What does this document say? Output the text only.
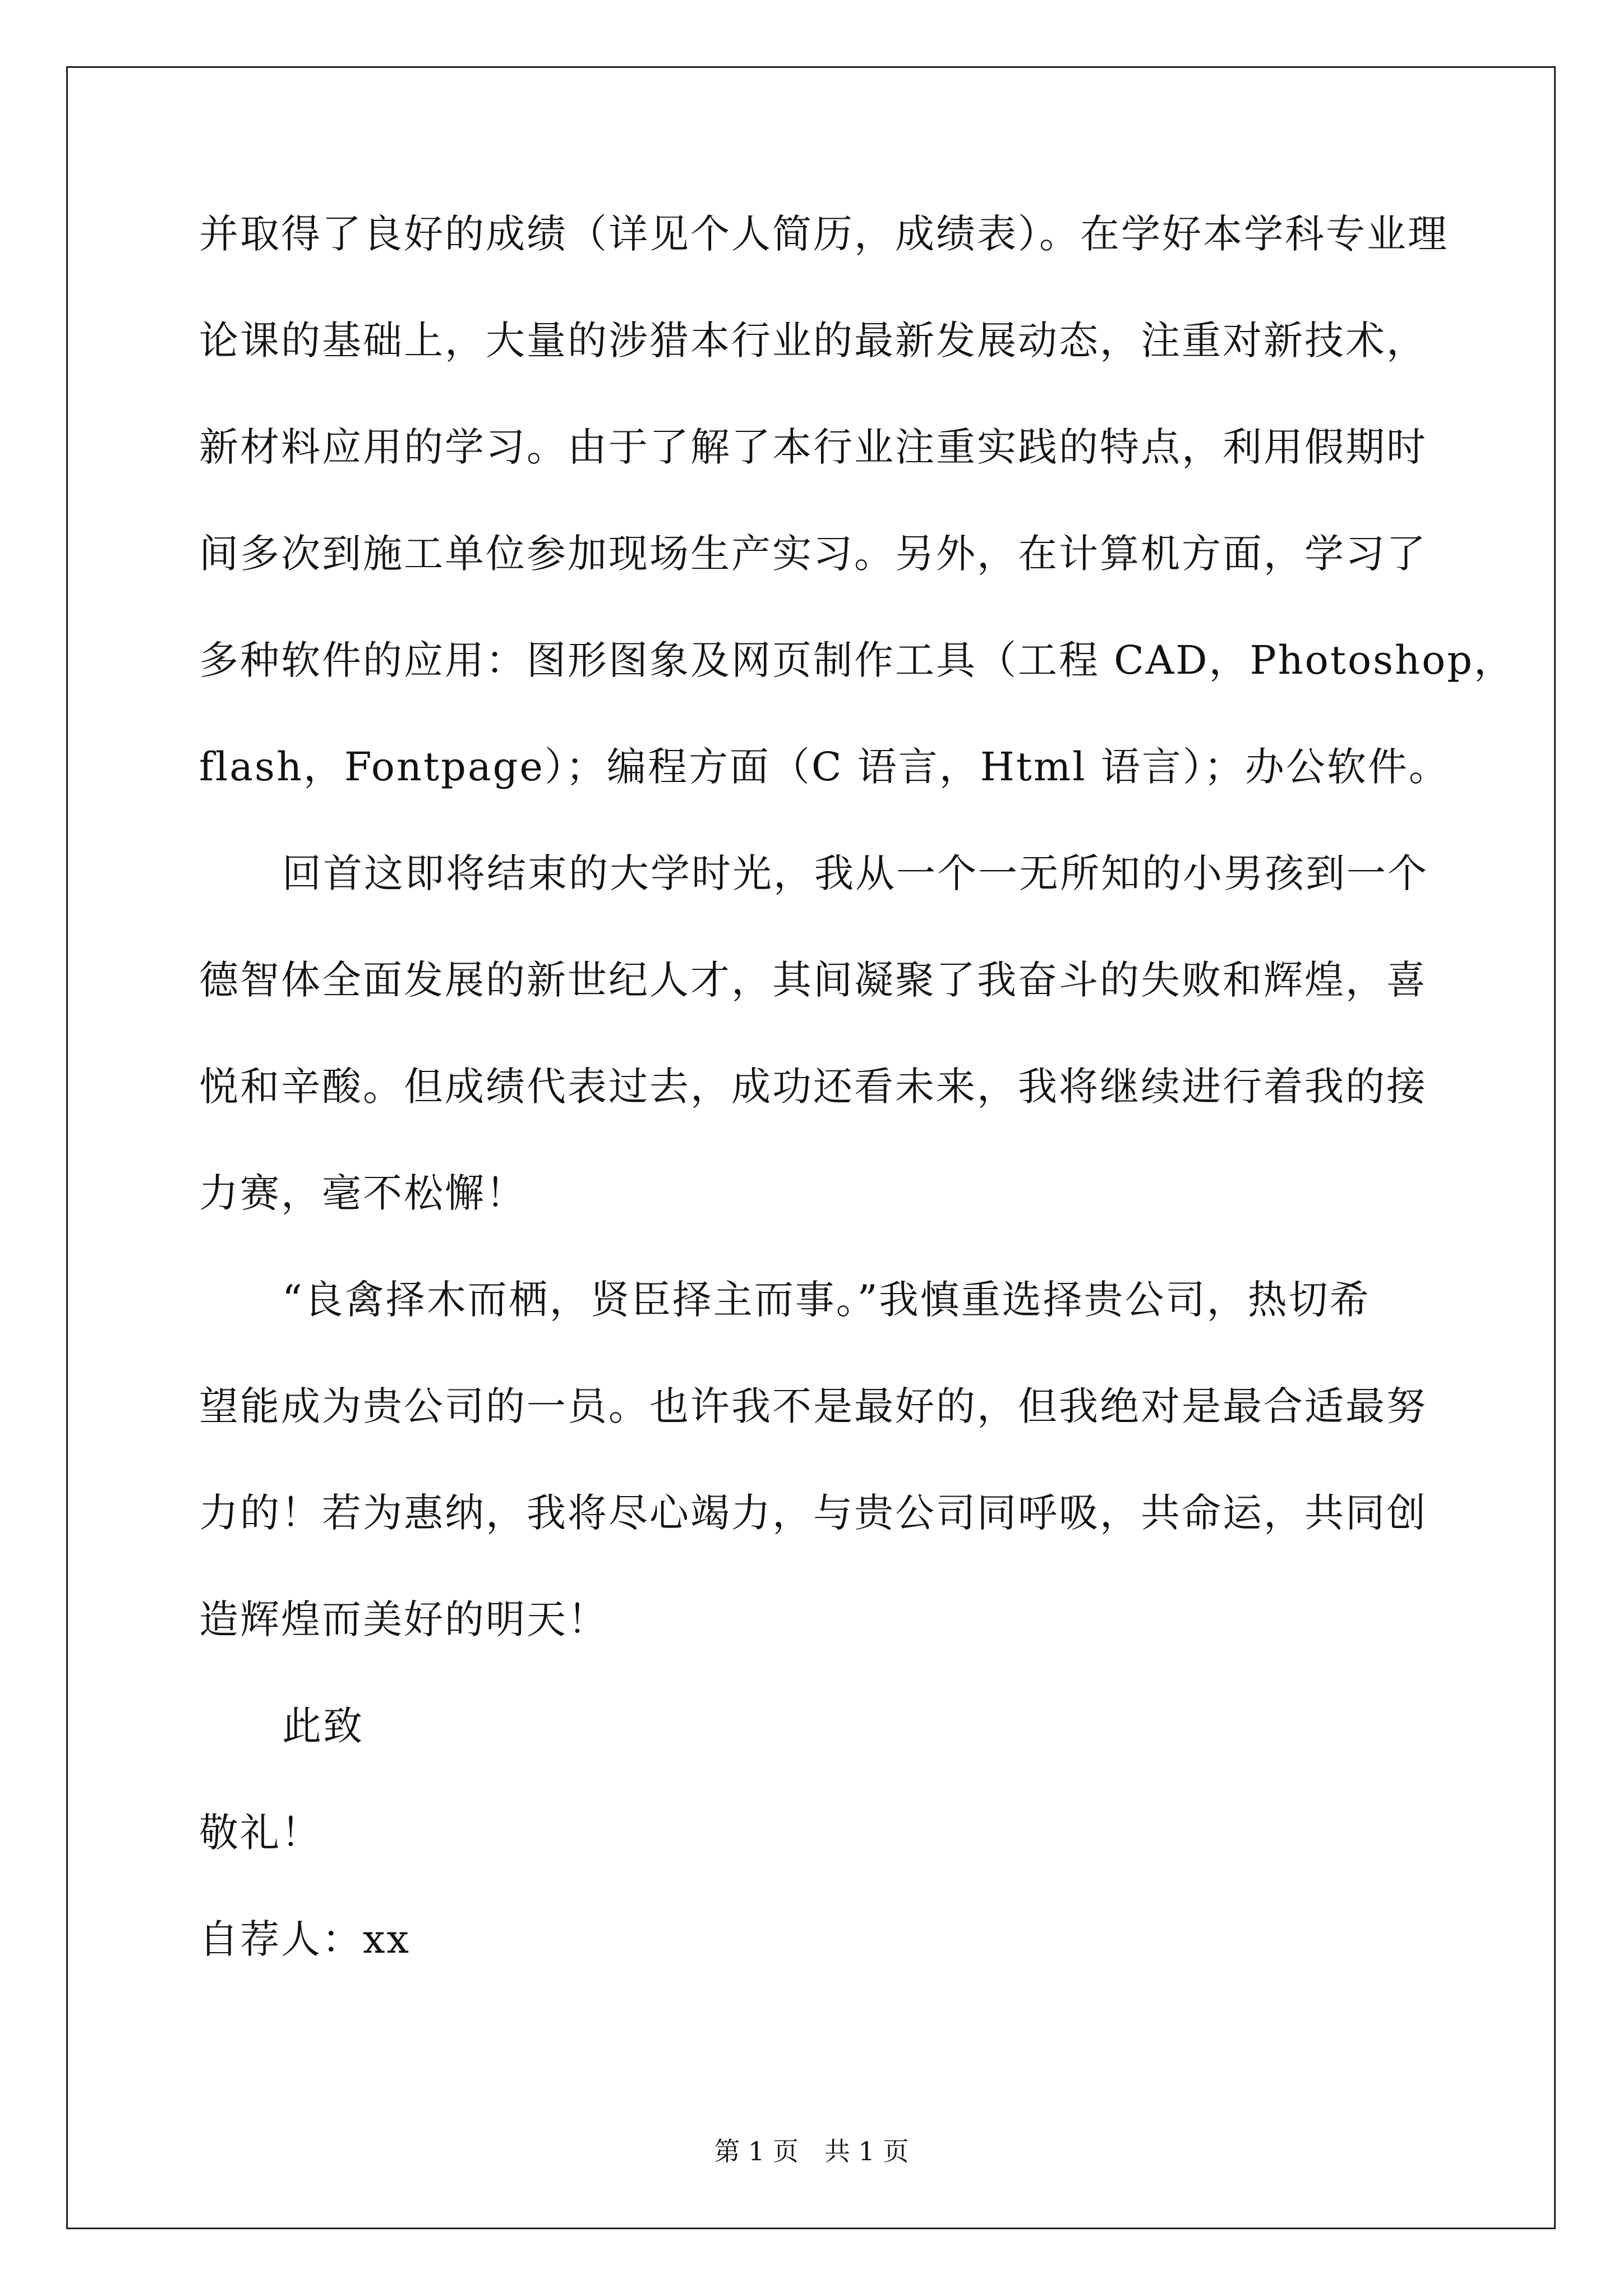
并取得了良好的成绩（详见个人简历，成绩表）。在学好本学科专业理
论课的基础上，大量的涉猎本行业的最新发展动态，注重对新技术，
新材料应用的学习。由于了解了本行业注重实践的特点，利用假期时
间多次到施工单位参加现场生产实习。另外，在计算机方面，学习了
多种软件的应用：图形图象及网页制作工具（工程 CAD，Photoshop，
flash，Fontpage）；编程方面（C 语言，Html 语言）；办公软件。
回首这即将结束的大学时光，我从一个一无所知的小男孩到一个
德智体全面发展的新世纪人才，其间凝聚了我奋斗的失败和辉煌，喜
悦和辛酸。但成绩代表过去，成功还看未来，我将继续进行着我的接
力赛，毫不松懈！
“良禽择木而栖，贤臣择主而事。”我慎重选择贵公司，热切希
望能成为贵公司的一员。也许我不是最好的，但我绝对是最合适最努
力的！若为惠纳，我将尽心竭力，与贵公司同呼吸，共命运，共同创
造辉煌而美好的明天！
此致
敬礼！
自荐人：xx
第 1 页　共 1 页
